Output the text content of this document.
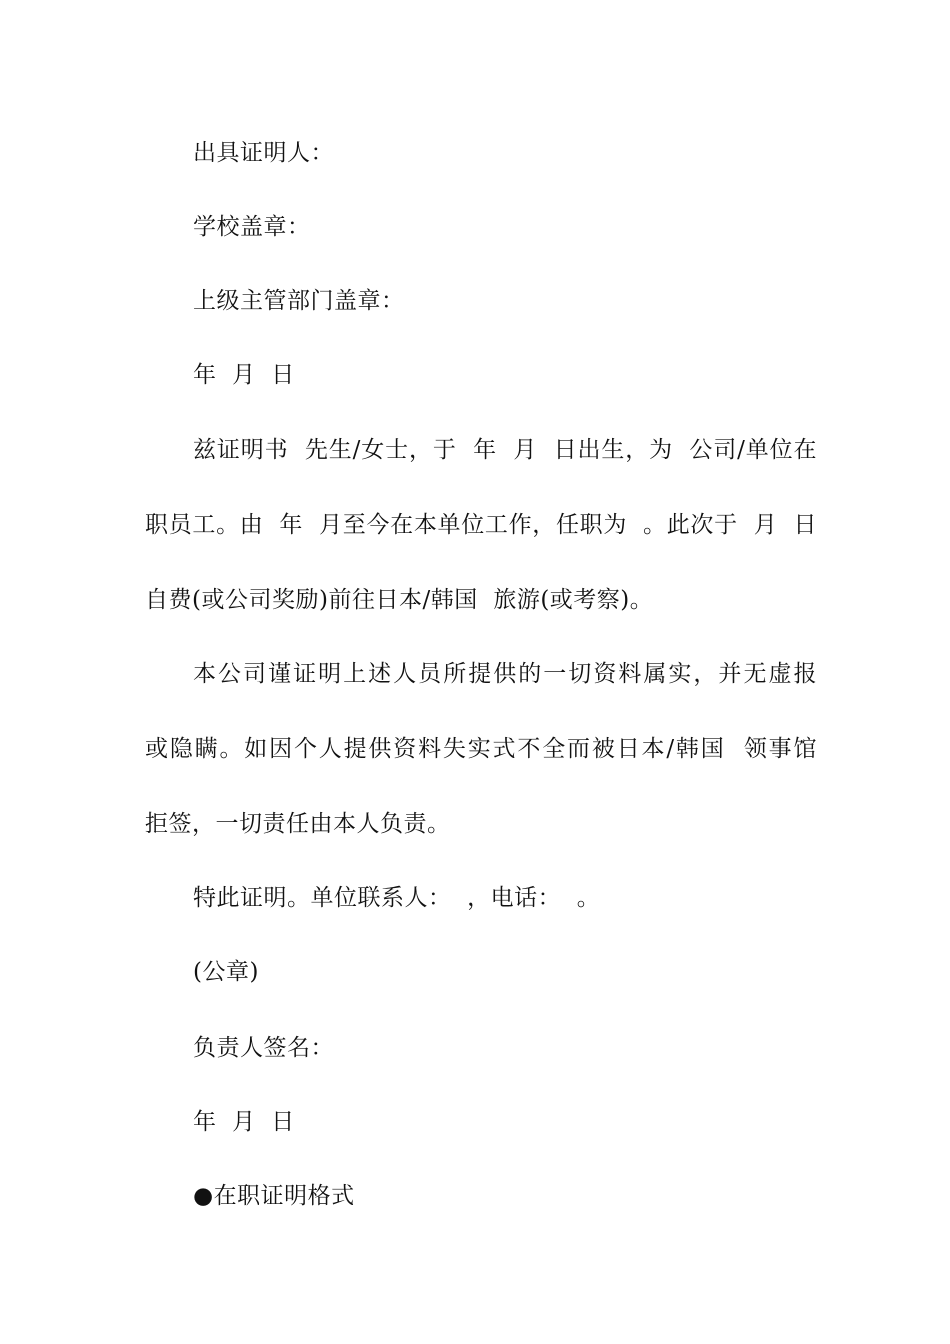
出具证明人：
学校盖章：
上级主管部门盖章：
年  月  日
兹证明书  先生/女士，于  年  月  日出生，为  公司/单位在
职员工。由  年  月至今在本单位工作，任职为  。此次于  月  日
自费(或公司奖励)前往日本/韩国  旅游(或考察)。
本公司谨证明上述人员所提供的一切资料属实，并无虚报
或隐瞒。如因个人提供资料失实式不全而被日本/韩国  领事馆
拒签，一切责任由本人负责。
特此证明。单位联系人：  ，电话：  。
(公章)
负责人签名：
年  月  日
●在职证明格式
